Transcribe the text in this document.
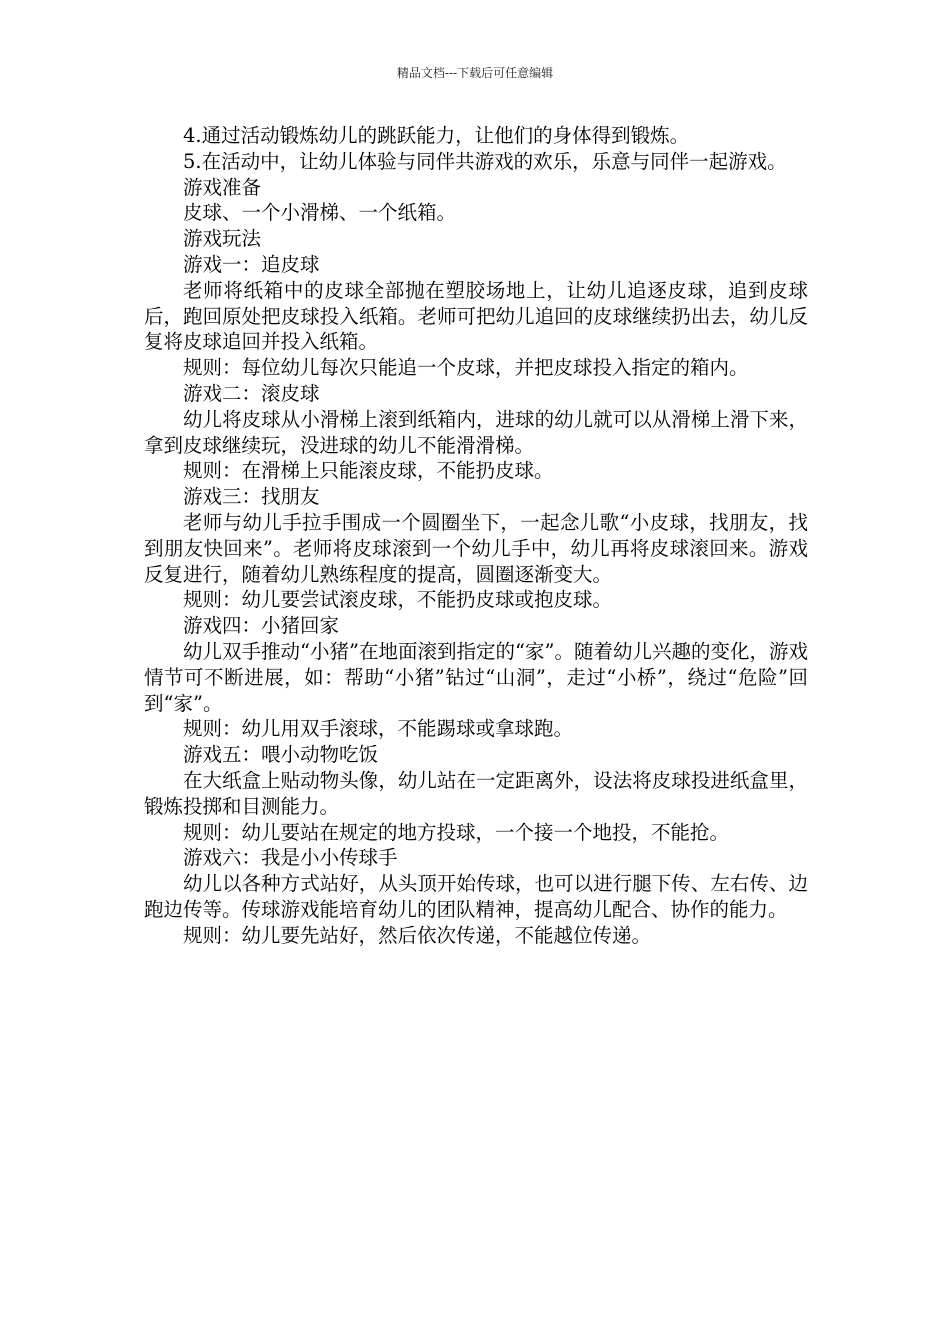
精品文档---下载后可任意编辑

4.通过活动锻炼幼儿的跳跃能力，让他们的身体得到锻炼。

5.在活动中，让幼儿体验与同伴共游戏的欢乐，乐意与同伴一起游戏。

游戏准备

皮球、一个小滑梯、一个纸箱。

游戏玩法

游戏一：追皮球

老师将纸箱中的皮球全部抛在塑胶场地上，让幼儿追逐皮球，追到皮球后，跑回原处把皮球投入纸箱。老师可把幼儿追回的皮球继续扔出去，幼儿反复将皮球追回并投入纸箱。

规则：每位幼儿每次只能追一个皮球，并把皮球投入指定的箱内。

游戏二：滚皮球

幼儿将皮球从小滑梯上滚到纸箱内，进球的幼儿就可以从滑梯上滑下来，拿到皮球继续玩，没进球的幼儿不能滑滑梯。

规则：在滑梯上只能滚皮球，不能扔皮球。

游戏三：找朋友

老师与幼儿手拉手围成一个圆圈坐下，一起念儿歌“小皮球，找朋友，找到朋友快回来”。老师将皮球滚到一个幼儿手中，幼儿再将皮球滚回来。游戏反复进行，随着幼儿熟练程度的提高，圆圈逐渐变大。

规则：幼儿要尝试滚皮球，不能扔皮球或抱皮球。

游戏四：小猪回家

幼儿双手推动“小猪”在地面滚到指定的“家”。随着幼儿兴趣的变化，游戏情节可不断进展，如：帮助“小猪”钻过“山洞”，走过“小桥”，绕过“危险”回到“家”。

规则：幼儿用双手滚球，不能踢球或拿球跑。

游戏五：喂小动物吃饭

在大纸盒上贴动物头像，幼儿站在一定距离外，设法将皮球投进纸盒里，锻炼投掷和目测能力。

规则：幼儿要站在规定的地方投球，一个接一个地投，不能抢。

游戏六：我是小小传球手

幼儿以各种方式站好，从头顶开始传球，也可以进行腿下传、左右传、边跑边传等。传球游戏能培育幼儿的团队精神，提高幼儿配合、协作的能力。

规则：幼儿要先站好，然后依次传递，不能越位传递。
